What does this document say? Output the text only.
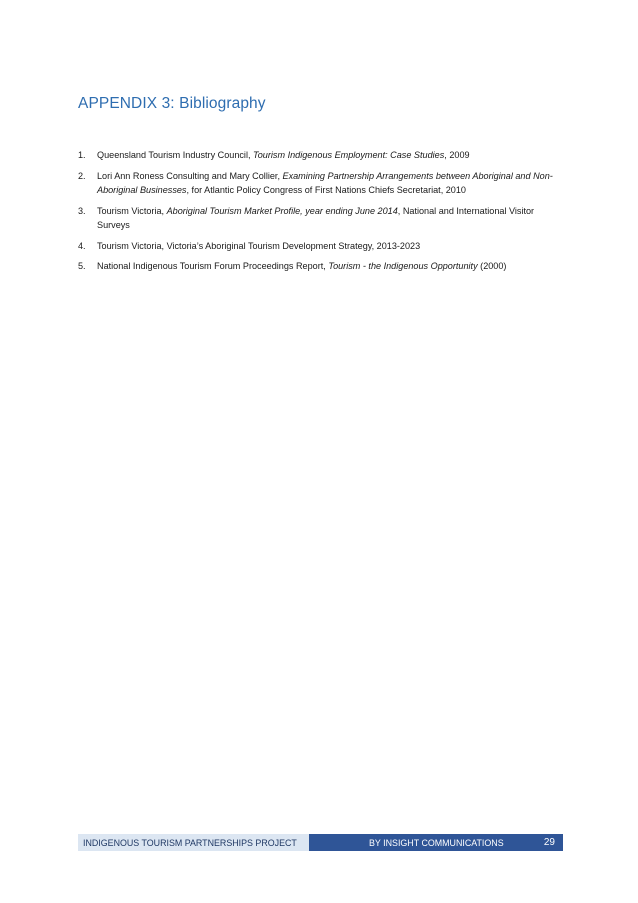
APPENDIX 3: Bibliography
1. Queensland Tourism Industry Council, Tourism Indigenous Employment: Case Studies, 2009
2. Lori Ann Roness Consulting and Mary Collier, Examining Partnership Arrangements between Aboriginal and Non-Aboriginal Businesses, for Atlantic Policy Congress of First Nations Chiefs Secretariat, 2010
3. Tourism Victoria, Aboriginal Tourism Market Profile, year ending June 2014, National and International Visitor Surveys
4. Tourism Victoria, Victoria’s Aboriginal Tourism Development Strategy, 2013-2023
5. National Indigenous Tourism Forum Proceedings Report, Tourism - the Indigenous Opportunity (2000)
INDIGENOUS TOURISM PARTNERSHIPS PROJECT	BY INSIGHT COMMUNICATIONS	29
